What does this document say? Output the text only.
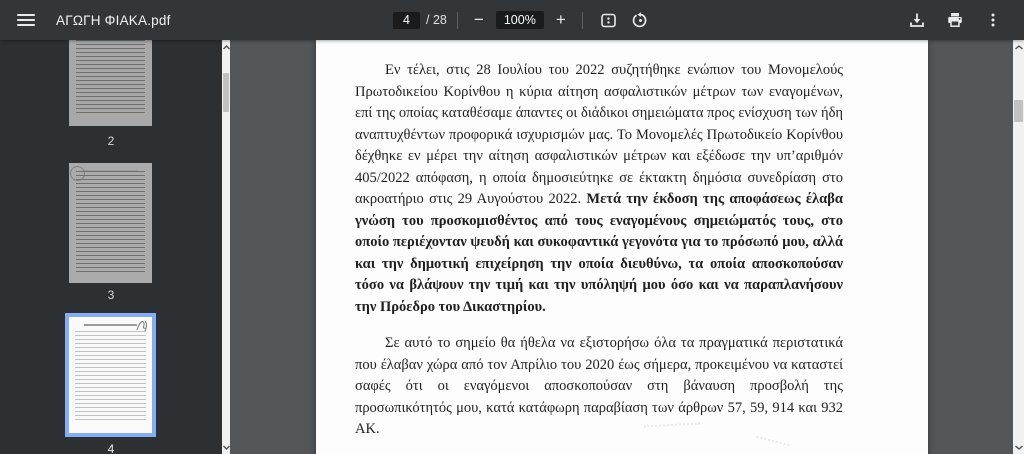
ΑΓΩΓΗ ΦΙΑΚΑ.pdf
4	/ 28	−	100%	+
2
3
4

Εν τέλει, στις 28 Ιουλίου του 2022 συζητήθηκε ενώπιον του Μονομελούς Πρωτοδικείου Κορίνθου η κύρια αίτηση ασφαλιστικών μέτρων των εναγομένων, επί της οποίας καταθέσαμε άπαντες οι διάδικοι σημειώματα προς ενίσχυση των ήδη αναπτυχθέντων προφορικά ισχυρισμών μας. Το Μονομελές Πρωτοδικείο Κορίνθου δέχθηκε εν μέρει την αίτηση ασφαλιστικών μέτρων και εξέδωσε την υπ’αριθμόν 405/2022 απόφαση, η οποία δημοσιεύτηκε σε έκτακτη δημόσια συνεδρίαση στο ακροατήριο στις 29 Αυγούστου 2022. Μετά την έκδοση της αποφάσεως έλαβα γνώση του προσκομισθέντος από τους εναγομένους σημειώματός τους, στο οποίο περιέχονταν ψευδή και συκοφαντικά γεγονότα για το πρόσωπό μου, αλλά και την δημοτική επιχείρηση την οποία διευθύνω, τα οποία αποσκοπούσαν τόσο να βλάψουν την τιμή και την υπόληψή μου όσο και να παραπλανήσουν την Πρόεδρο του Δικαστηρίου.

Σε αυτό το σημείο θα ήθελα να εξιστορήσω όλα τα πραγματικά περιστατικά που έλαβαν χώρα από τον Απρίλιο του 2020 έως σήμερα, προκειμένου να καταστεί σαφές ότι οι εναγόμενοι αποσκοπούσαν στη βάναυση προσβολή της προσωπικότητός μου, κατά κατάφωρη παραβίαση των άρθρων 57, 59, 914 και 932 ΑΚ.
